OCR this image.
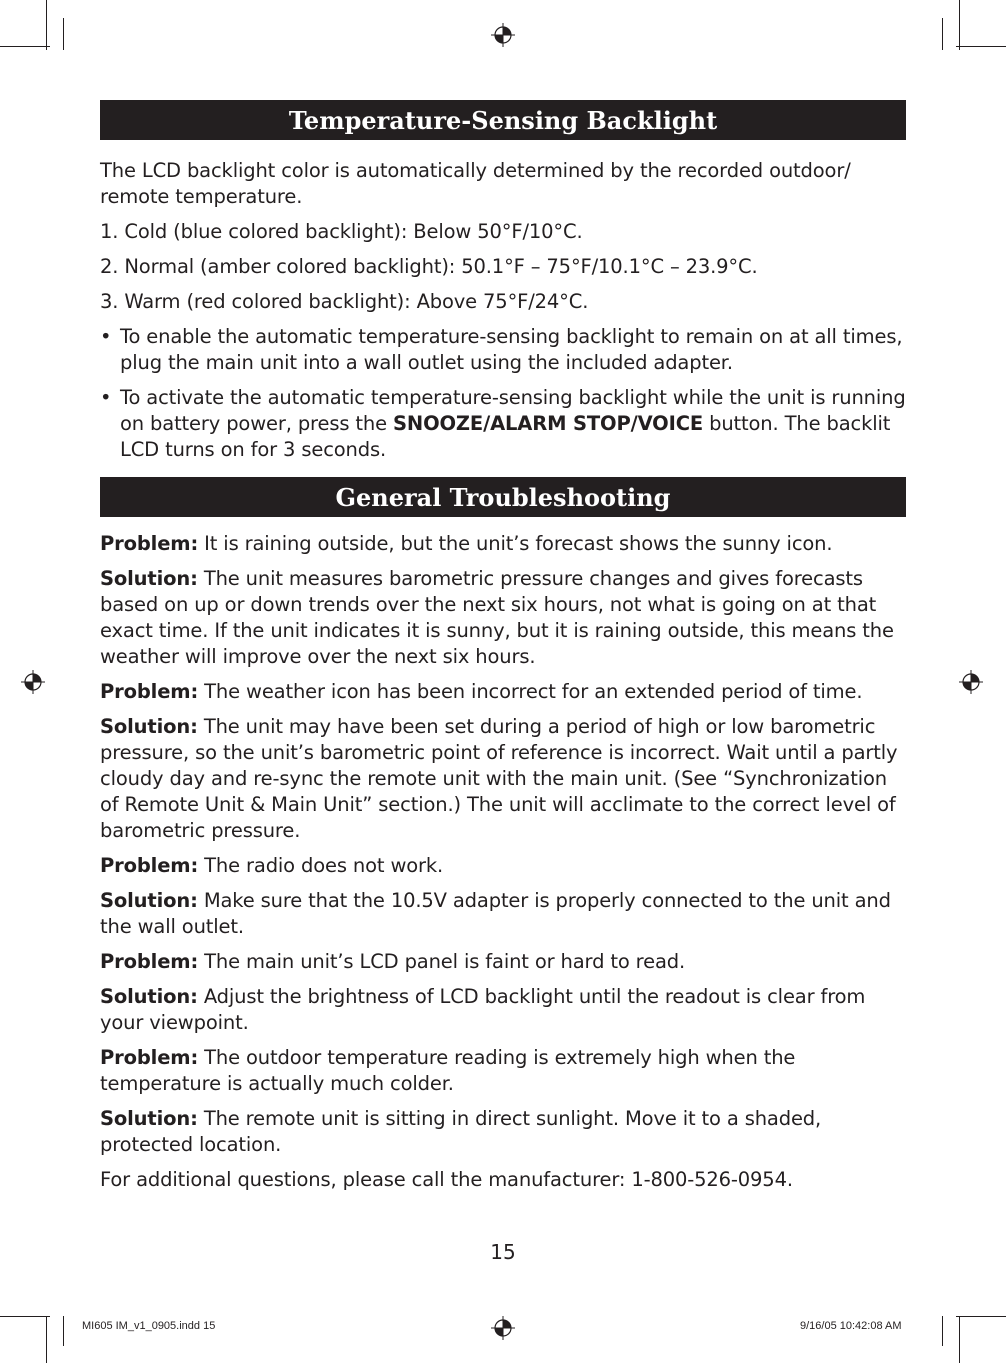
Temperature-Sensing Backlight

The LCD backlight color is automatically determined by the recorded outdoor/ remote temperature.

1. Cold (blue colored backlight): Below 50°F/10°C.

2. Normal (amber colored backlight): 50.1°F – 75°F/10.1°C – 23.9°C.

3. Warm (red colored backlight): Above 75°F/24°C.

• To enable the automatic temperature-sensing backlight to remain on at all times, plug the main unit into a wall outlet using the included adapter.
• To activate the automatic temperature-sensing backlight while the unit is running on battery power, press the SNOOZE/ALARM STOP/VOICE button. The backlit LCD turns on for 3 seconds.
General Troubleshooting

Problem: It is raining outside, but the unit’s forecast shows the sunny icon.

Solution: The unit measures barometric pressure changes and gives forecasts based on up or down trends over the next six hours, not what is going on at that exact time. If the unit indicates it is sunny, but it is raining outside, this means the weather will improve over the next six hours.

Problem: The weather icon has been incorrect for an extended period of time.

Solution: The unit may have been set during a period of high or low barometric pressure, so the unit’s barometric point of reference is incorrect. Wait until a partly cloudy day and re-sync the remote unit with the main unit. (See “Synchronization of Remote Unit & Main Unit” section.) The unit will acclimate to the correct level of barometric pressure.

Problem: The radio does not work.

Solution: Make sure that the 10.5V adapter is properly connected to the unit and the wall outlet.

Problem: The main unit’s LCD panel is faint or hard to read.

Solution: Adjust the brightness of LCD backlight until the readout is clear from your viewpoint.

Problem: The outdoor temperature reading is extremely high when the temperature is actually much colder.

Solution: The remote unit is sitting in direct sunlight. Move it to a shaded, protected location.

For additional questions, please call the manufacturer: 1-800-526-0954.

15
MI605 IM_v1_0905.indd 15	9/16/05 10:42:08 AM
